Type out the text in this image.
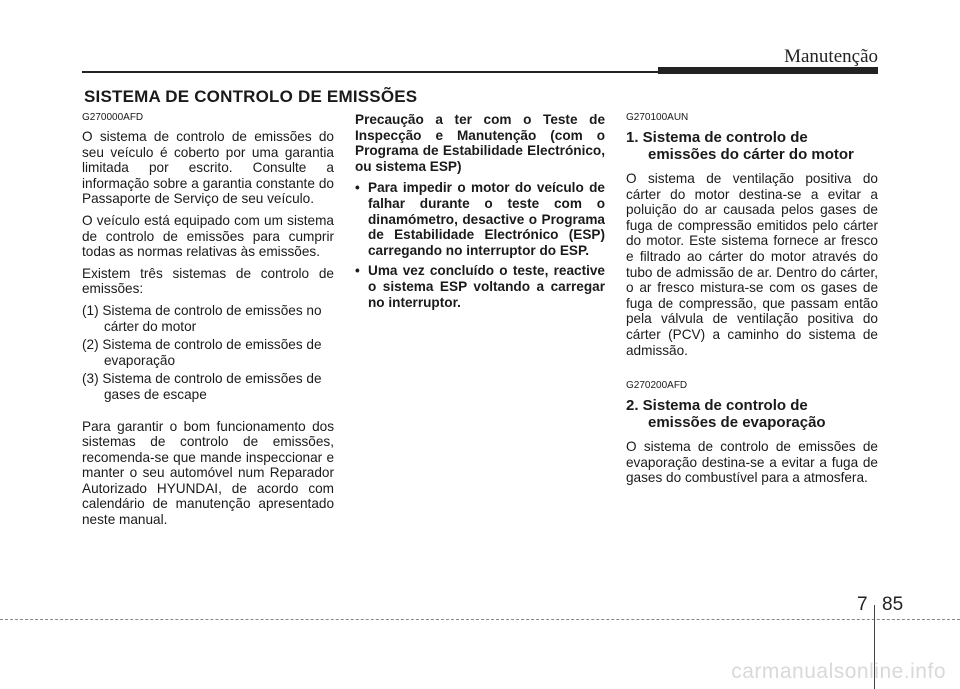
Manutenção
SISTEMA DE CONTROLO DE EMISSÕES
G270000AFD

O sistema de controlo de emissões do seu veículo é coberto por uma garantia limitada por escrito. Consulte a informação sobre a garantia constante do Passaporte de Serviço de seu veículo.

O veículo está equipado com um sistema de controlo de emissões para cumprir todas as normas relativas às emissões.

Existem três sistemas de controlo de emissões:

(1) Sistema de controlo de emissões no cárter do motor
(2) Sistema de controlo de emissões de evaporação
(3) Sistema de controlo de emissões de gases de escape

Para garantir o bom funcionamento dos sistemas de controlo de emissões, recomenda-se que mande inspeccionar e manter o seu automóvel num Reparador Autorizado HYUNDAI, de acordo com calendário de manutenção apresentado neste manual.

Precaução a ter com o Teste de Inspecção e Manutenção (com o Programa de Estabilidade Electrónico, ou sistema ESP)

• Para impedir o motor do veículo de falhar durante o teste com o dinamómetro, desactive o Programa de Estabilidade Electrónico (ESP) carregando no interruptor do ESP.
• Uma vez concluído o teste, reactive o sistema ESP voltando a carregar no interruptor.
G270100AUN
1. Sistema de controlo de emissões do cárter do motor

O sistema de ventilação positiva do cárter do motor destina-se a evitar a poluição do ar causada pelos gases de fuga de compressão emitidos pelo cárter do motor. Este sistema fornece ar fresco e filtrado ao cárter do motor através do tubo de admissão de ar. Dentro do cárter, o ar fresco mistura-se com os gases de fuga de compressão, que passam então pela válvula de ventilação positiva do cárter (PCV) a caminho do sistema de admissão.

G270200AFD
2. Sistema de controlo de emissões de evaporação

O sistema de controlo de emissões de evaporação destina-se a evitar a fuga de gases do combustível para a atmosfera.

7 85
carmanualsonline.info
